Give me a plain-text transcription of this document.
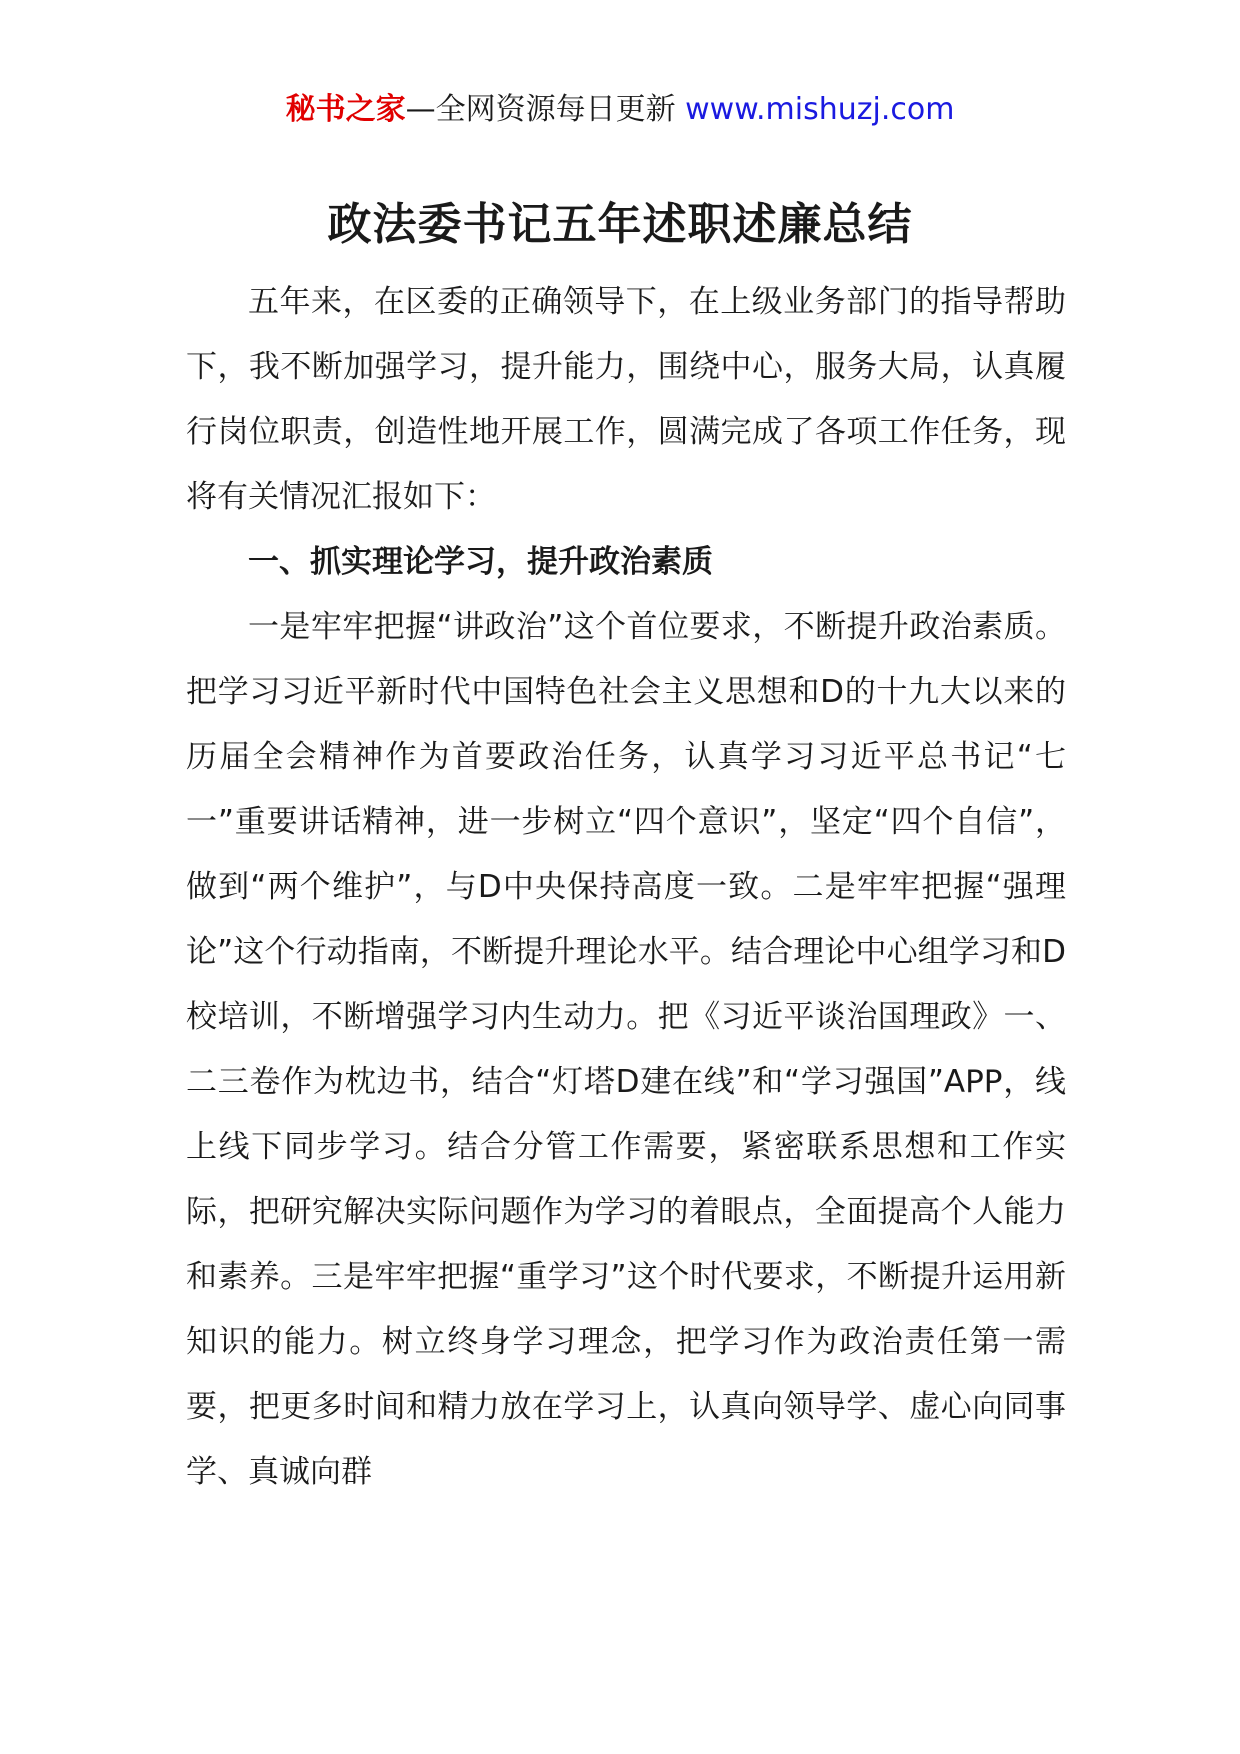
秘书之家—全网资源每日更新 www.mishuzj.com
政法委书记五年述职述廉总结

五年来，在区委的正确领导下，在上级业务部门的指导帮助下，我不断加强学习，提升能力，围绕中心，服务大局，认真履行岗位职责，创造性地开展工作，圆满完成了各项工作任务，现将有关情况汇报如下：

一、抓实理论学习，提升政治素质

一是牢牢把握“讲政治”这个首位要求，不断提升政治素质。把学习习近平新时代中国特色社会主义思想和D的十九大以来的历届全会精神作为首要政治任务，认真学习习近平总书记“七一”重要讲话精神，进一步树立“四个意识”，坚定“四个自信”，做到“两个维护”，与D中央保持高度一致。二是牢牢把握“强理论”这个行动指南，不断提升理论水平。结合理论中心组学习和D校培训，不断增强学习内生动力。把《习近平谈治国理政》一、二三卷作为枕边书，结合“灯塔D建在线”和“学习强国”APP，线上线下同步学习。结合分管工作需要，紧密联系思想和工作实际，把研究解决实际问题作为学习的着眼点，全面提高个人能力和素养。三是牢牢把握“重学习”这个时代要求，不断提升运用新知识的能力。树立终身学习理念，把学习作为政治责任第一需要，把更多时间和精力放在学习上，认真向领导学、虚心向同事学、真诚向群
